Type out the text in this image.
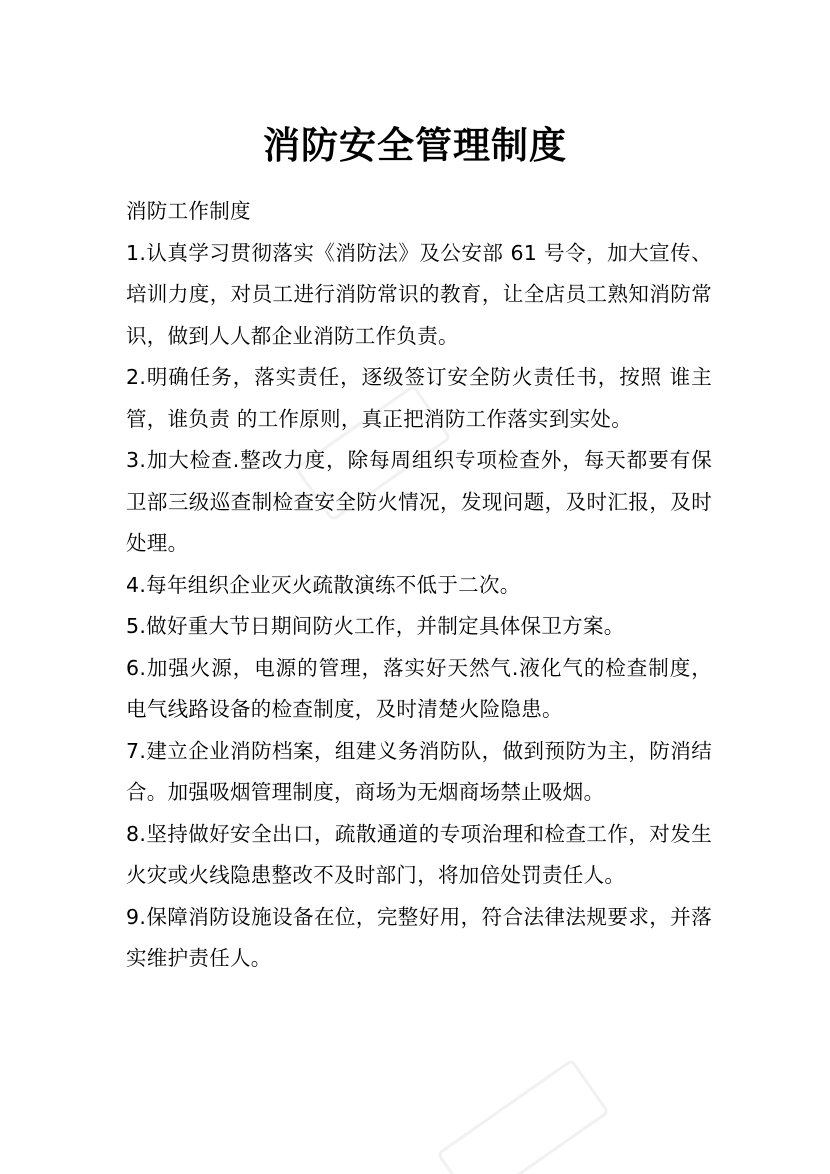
消防安全管理制度
消防工作制度

1.认真学习贯彻落实《消防法》及公安部 61 号令，加大宣传、培训力度，对员工进行消防常识的教育，让全店员工熟知消防常识，做到人人都企业消防工作负责。

2.明确任务，落实责任，逐级签订安全防火责任书，按照 谁主管，谁负责 的工作原则，真正把消防工作落实到实处。

3.加大检查.整改力度，除每周组织专项检查外，每天都要有保卫部三级巡查制检查安全防火情况，发现问题，及时汇报，及时处理。

4.每年组织企业灭火疏散演练不低于二次。

5.做好重大节日期间防火工作，并制定具体保卫方案。

6.加强火源，电源的管理，落实好天然气.液化气的检查制度，电气线路设备的检查制度，及时清楚火险隐患。

7.建立企业消防档案，组建义务消防队，做到预防为主，防消结合。加强吸烟管理制度，商场为无烟商场禁止吸烟。

8.坚持做好安全出口，疏散通道的专项治理和检查工作，对发生火灾或火线隐患整改不及时部门，将加倍处罚责任人。

9.保障消防设施设备在位，完整好用，符合法律法规要求，并落实维护责任人。
